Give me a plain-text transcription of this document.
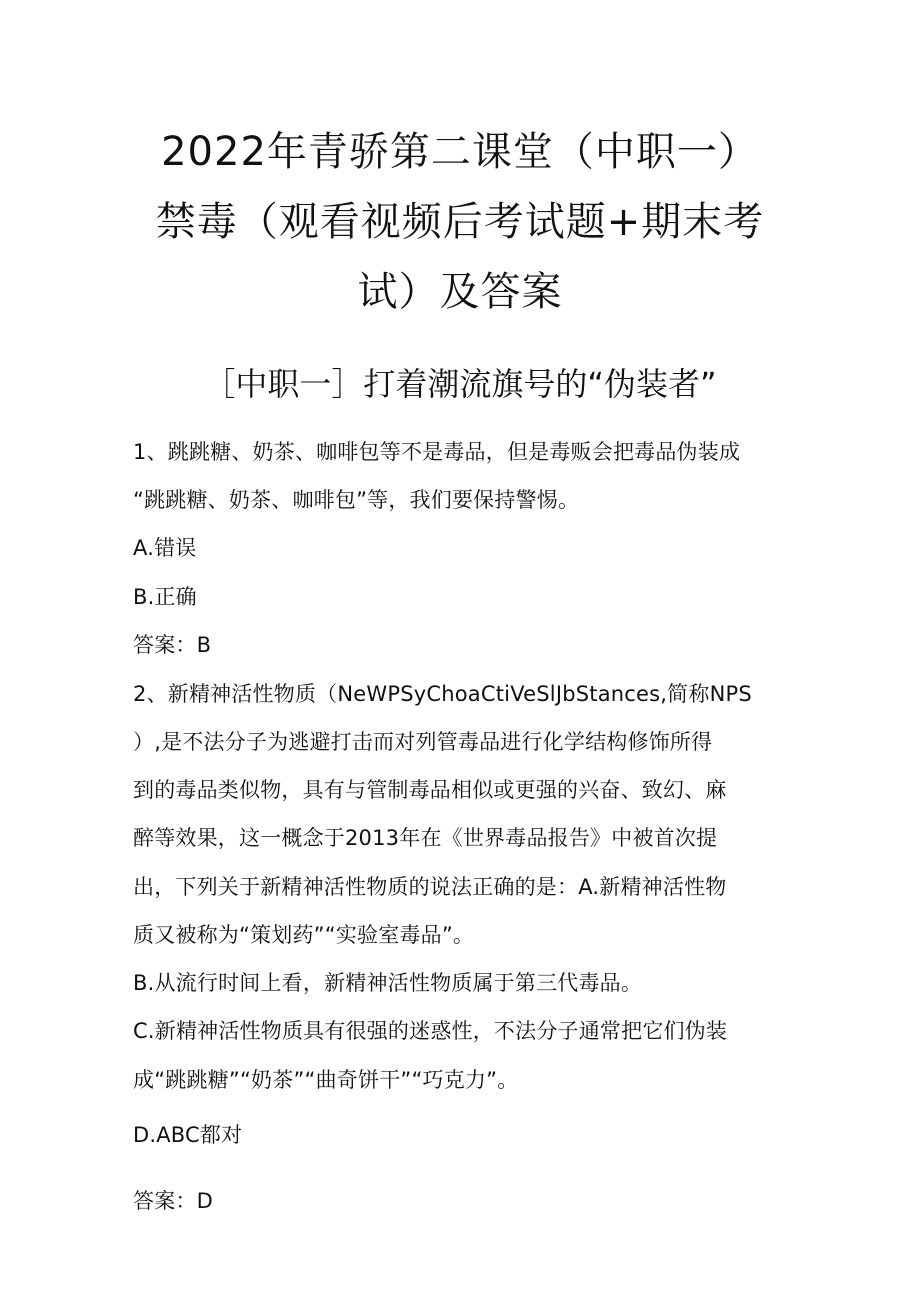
2022年青骄第二课堂（中职一）
禁毒（观看视频后考试题+期末考
试）及答案
［中职一］打着潮流旗号的“伪装者”
1、跳跳糖、奶茶、咖啡包等不是毒品，但是毒贩会把毒品伪装成
“跳跳糖、奶茶、咖啡包”等，我们要保持警惕。
A.错误
B.正确
答案：B
2、新精神活性物质（NeWPSyChoaCtiVeSlJbStances,简称NPS
）,是不法分子为逃避打击而对列管毒品进行化学结构修饰所得
到的毒品类似物，具有与管制毒品相似或更强的兴奋、致幻、麻
醉等效果，这一概念于2013年在《世界毒品报告》中被首次提
出，下列关于新精神活性物质的说法正确的是：A.新精神活性物
质又被称为“策划药”“实验室毒品”。
B.从流行时间上看，新精神活性物质属于第三代毒品。
C.新精神活性物质具有很强的迷惑性，不法分子通常把它们伪装
成“跳跳糖”“奶茶”“曲奇饼干”“巧克力”。
D.ABC都对
答案：D
